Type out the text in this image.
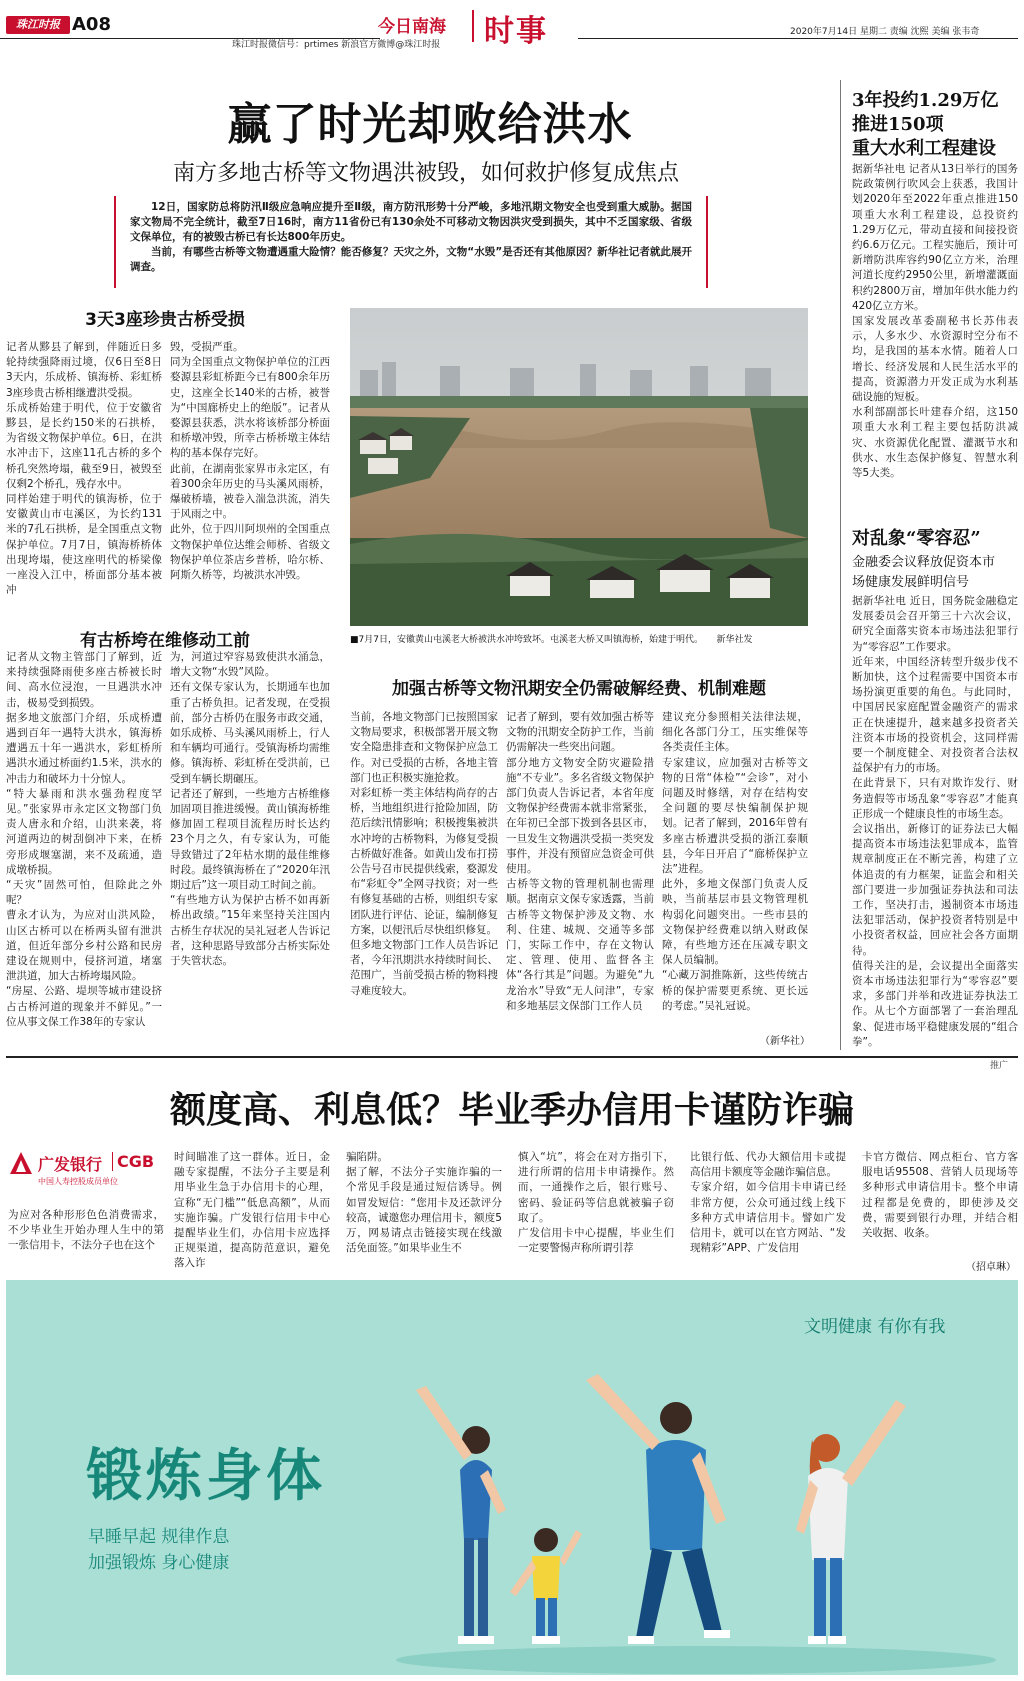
珠江时报 A08	今日南海 时事
珠江时报微信号：prtimes 新浪官方微博@珠江时报
2020年7月14日 星期二 责编 沈熙 美编 张韦奇
赢了时光却败给洪水
南方多地古桥等文物遇洪被毁，如何救护修复成焦点

12日，国家防总将防汛Ⅱ级应急响应提升至Ⅱ级，南方防汛形势十分严峻，多地汛期文物安全也受到重大威胁。据国家文物局不完全统计，截至7日16时，南方11省份已有130余处不可移动文物因洪灾受到损失，其中不乏国家级、省级文保单位，有的被毁古桥已有长达800年历史。

当前，有哪些古桥等文物遭遇重大险情？能否修复？天灾之外，文物“水毁”是否还有其他原因？新华社记者就此展开调查。

3天3座珍贵古桥受损
记者从黟县了解到，伴随近日多轮持续强降雨过境，仅6日至8日3天内，乐成桥、镇海桥、彩虹桥3座珍贵古桥相继遭洪受损。
乐成桥始建于明代，位于安徽省黟县，是长约150米的石拱桥，为省级文物保护单位。6日，在洪水冲击下，这座11孔古桥的多个桥孔突然垮塌，截至9日，被毁至仅剩2个桥孔，残存水中。
同样始建于明代的镇海桥，位于安徽黄山市屯溪区，为长约131米的7孔石拱桥，是全国重点文物保护单位。7月7日，镇海桥桥体出现垮塌，使这座明代的桥梁像一座没入江中，桥面部分基本被冲
毁，受损严重。
同为全国重点文物保护单位的江西婺源县彩虹桥距今已有800余年历史，这座全长140米的古桥，被誉为“中国廊桥史上的绝版”。记者从婺源县获悉，洪水将该桥部分桥面和桥墩冲毁，所幸古桥桥墩主体结构的基本保存完好。
此前，在湖南张家界市永定区，有着300余年历史的马头溪风雨桥，爆破桥墙，被卷入湍急洪流，消失于风雨之中。
此外，位于四川阿坝州的全国重点文物保护单位达维会师桥、省级文物保护单位茶店乡普桥，哈尔桥、阿斯久桥等，均被洪水冲毁。
■7月7日，安徽黄山屯溪老大桥被洪水冲垮致坏。屯溪老大桥又叫镇海桥，始建于明代。　　新华社发
有古桥垮在维修动工前
记者从文物主管部门了解到，近来持续强降雨使多座古桥被长时间、高水位浸泡，一旦遇洪水冲击，极易受到损毁。
据多地文旅部门介绍，乐成桥遭遇到百年一遇特大洪水，镇海桥遭遇五十年一遇洪水，彩虹桥所遇洪水通过桥面约1.5米，洪水的冲击力和破坏力十分惊人。
“特大暴雨和洪水强劲程度罕见。”张家界市永定区文物部门负责人唐永和介绍，山洪来袭，将河道两边的树刮倒冲下来，在桥旁形成堰塞湖，来不及疏通，造成墩桥损。
“天灾”固然可怕，但除此之外呢？
曹永才认为，为应对山洪风险，山区古桥可以在桥两头留有泄洪道，但近年部分乡村公路和民房建设在规则中，侵挤河道，堵塞泄洪道，加大古桥垮塌风险。
“房屋、公路、堤坝等城市建设挤占古桥河道的现象并不鲜见。”一位从事文保工作38年的专家认
为，河道过窄容易致使洪水涌急，增大文物“水毁”风险。
还有文保专家认为，长期通车也加重了古桥负担。记者发现，在受损前，部分古桥仍在服务市政交通，如乐成桥、马头溪风雨桥上，行人和车辆均可通行。受镇海桥均需维修。镇海桥、彩虹桥在受洪前，已受到车辆长期碾压。
记者还了解到，一些地方古桥维修加固项目推进缓慢。黄山镇海桥维修加固工程项目流程历时长达约23个月之久，有专家认为，可能导致错过了2年枯水期的最佳维修时段。最终镇海桥在了“2020年汛期过后”这一项目动工时间之前。
“有些地方认为保护古桥不如再新桥出政绩。”15年来坚持关注国内古桥生存状况的吴礼冠老人告诉记者，这种思路导致部分古桥实际处于失管状态。
加强古桥等文物汛期安全仍需破解经费、机制难题
当前，各地文物部门已按照国家文物局要求，积极部署开展文物安全隐患排查和文物保护应急工作。对已受损的古桥，各地主管部门也正积极实施抢救。
对彩虹桥一类主体结构尚存的古桥，当地组织进行抢险加固，防范后续汛情影响；积极搜集被洪水冲垮的古桥物料，为修复受损古桥做好准备。如黄山发布打捞公告号召市民提供线索，婺源发布“彩虹令”全网寻找资；对一些有修复基础的古桥，则组织专家团队进行评估、论证，编制修复方案，以便汛后尽快组织修复。
但多地文物部门工作人员告诉记者，今年汛期洪水持续时间长、范围广，当前受损古桥的物料搜寻难度较大。
记者了解到，要有效加强古桥等文物的汛期安全防护工作，当前仍需解决一些突出问题。
部分地方文物安全防灾避险措施“不专业”。多名省级文物保护部门负责人告诉记者，本省年度文物保护经费需本就非常紧张，在年初已全部下拨到各县区市，一旦发生文物遇洪受损一类突发事件，并没有预留应急资金可供使用。
古桥等文物的管理机制也需理顺。据南京文保专家透露，当前古桥等文物保护涉及文物、水利、住建、城规、交通等多部门，实际工作中，存在文物认定、管理、使用、监督各主体“各行其是”问题。为避免“九龙治水”导致“无人问津”，专家和多地基层文保部门工作人员
建议充分参照相关法律法规，细化各部门分工，压实维保等各类责任主体。
专家建议，应加强对古桥等文物的日常“体检”“会诊”，对小问题及时修缮，对存在结构安全问题的要尽快编制保护规划。记者了解到，2016年曾有多座古桥遭洪受损的浙江泰顺县，今年日开启了“廊桥保护立法”进程。
此外，多地文保部门负责人反映，当前基层市县文物管理机构弱化问题突出。一些市县的文物保护经费难以纳入财政保障，有些地方还在压减专职文保人员编制。
“心藏万洞推陈新，这些传统古桥的保护需要更系统、更长远的考虑。”吴礼冠说。
（新华社）
3年投约1.29万亿
推进150项
重大水利工程建设
据新华社电 记者从13日举行的国务院政策例行吹风会上获悉，我国计划2020年至2022年重点推进150项重大水利工程建设，总投资约1.29万亿元，带动直接和间接投资约6.6万亿元。工程实施后，预计可新增防洪库容约90亿立方米，治理河道长度约2950公里，新增灌溉面积约2800万亩，增加年供水能力约420亿立方米。
国家发展改革委副秘书长苏伟表示，人多水少、水资源时空分布不均，是我国的基本水情。随着人口增长、经济发展和人民生活水平的提高，资源潜力开发正成为水利基础设施的短板。
水利部副部长叶建春介绍，这150项重大水利工程主要包括防洪减灾、水资源优化配置、灌溉节水和供水、水生态保护修复、智慧水利等5大类。
对乱象“零容忍”
金融委会议释放促资本市
场健康发展鲜明信号
据新华社电 近日，国务院金融稳定发展委员会召开第三十六次会议，研究全面落实资本市场违法犯罪行为“零容忍”工作要求。
近年来，中国经济转型升级步伐不断加快，这个过程需要中国资本市场扮演更重要的角色。与此同时，中国居民家庭配置金融资产的需求正在快速提升，越来越多投资者关注资本市场的投资机会，这同样需要一个制度健全、对投资者合法权益保护有力的市场。
在此背景下，只有对欺诈发行、财务造假等市场乱象“零容忍”才能真正形成一个健康良性的市场生态。
会议指出，新修订的证券法已大幅提高资本市场违法犯罪成本，监管规章制度正在不断完善，构建了立体追责的有力框架，证监会和相关部门要进一步加强证券执法和司法工作，坚决打击，遏制资本市场违法犯罪活动，保护投资者特别是中小投资者权益，回应社会各方面期待。
值得关注的是，会议提出全面落实资本市场违法犯罪行为“零容忍”要求，多部门并举和改进证券执法工作。从七个方面部署了一套治理乱象、促进市场平稳健康发展的“组合拳”。
推广
额度高、利息低？毕业季办信用卡谨防诈骗
广发银行 CGB
中国人寿控股成员单位
为应对各种形形色色消费需求，不少毕业生开始办理人生中的第一张信用卡，不法分子也在这个
时间瞄准了这一群体。近日，金融专家提醒，不法分子主要是利用毕业生急于办信用卡的心理，宣称“无门槛”“低息高额”，从而实施诈骗。广发银行信用卡中心提醒毕业生们，办信用卡应选择正规渠道，提高防范意识，避免落入诈
骗陷阱。
据了解，不法分子实施诈骗的一个常见手段是通过短信诱导。例如冒发短信：“您用卡及还款评分较高，诚邀您办理信用卡，额度5万，网易请点击链接实现在线激活免面签。”如果毕业生不
慎入“坑”，将会在对方指引下，进行所谓的信用卡申请操作。然而，一通操作之后，银行账号、密码、验证码等信息就被骗子窃取了。
广发信用卡中心提醒，毕业生们一定要警惕声称所谓引荐
比银行低、代办大额信用卡或提高信用卡额度等金融诈骗信息。
专家介绍，如今信用卡申请已经非常方便，公众可通过线上线下多种方式申请信用卡。譬如广发信用卡，就可以在官方网站、“发现精彩”APP、广发信用
卡官方微信、网点柜台、官方客服电话95508、营销人员现场等多种形式申请信用卡。整个申请过程都是免费的，即使涉及交费，需要到银行办理，并结合相关收据、收条。
（招卓琳）
文明健康 有你有我
锻炼身体
早睡早起 规律作息
加强锻炼 身心健康
